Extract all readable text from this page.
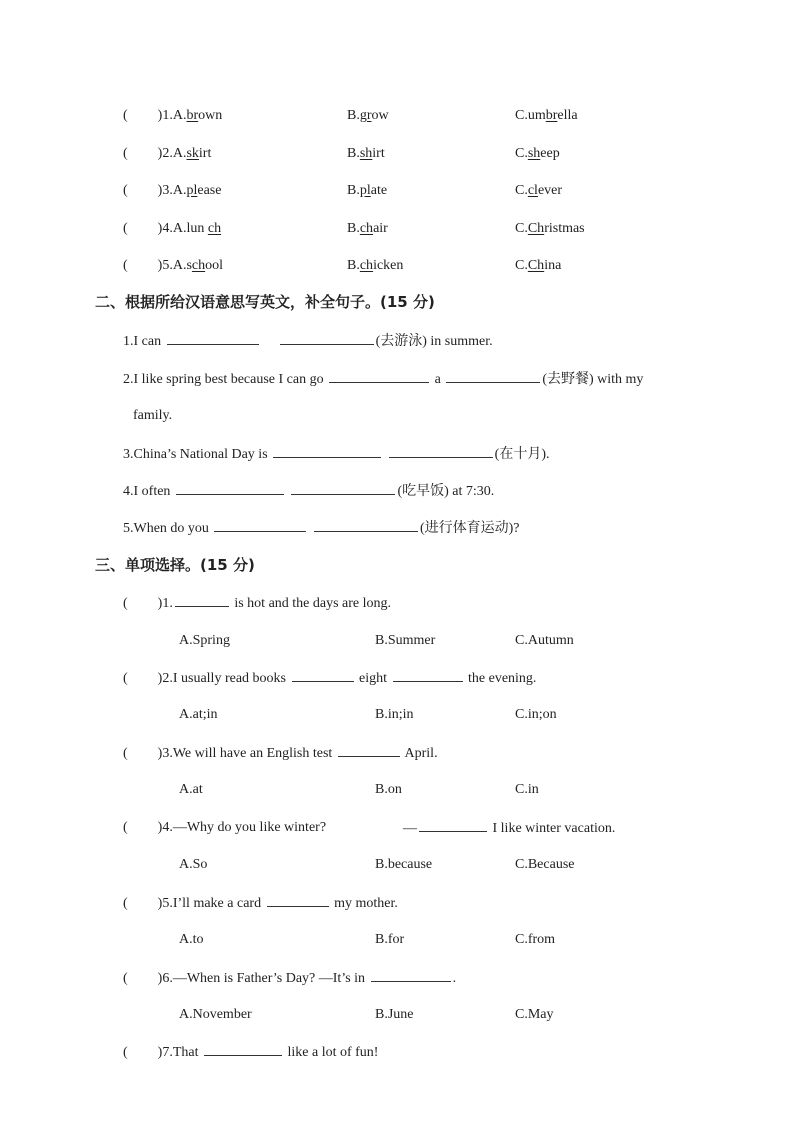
( )1.A.brown	B.grow	C.umbrella
( )2.A.skirt	B.shirt	C.sheep
( )3.A.please	B.plate	C.clever
( )4.A.lun ch	B.chair	C.Christmas
( )5.A.school	B.chicken	C.China
二、根据所给汉语意思写英文，补全句子。(15 分)
1.I can	(去游泳) in summer.
2.I like spring best because I can go	a	(去野餐) with my
family.
3.China’s National Day is	(在十月).
4.I often	(吃早饭) at 7:30.
5.When do you	(进行体育运动)?
三、单项选择。(15 分)
( )1.	is hot and the days are long.
A.Spring	B.Summer	C.Autumn
( )2.I usually read books	eight	the evening.
A.at;in	B.in;in	C.in;on
( )3.We will have an English test	April.
A.at	B.on	C.in
( )4.—Why do you like winter?	—	I like winter vacation.
A.So	B.because	C.Because
( )5.I’ll make a card	my mother.
A.to	B.for	C.from
( )6.—When is Father’s Day? —It’s in	.
A.November	B.June	C.May
( )7.That	like a lot of fun!
